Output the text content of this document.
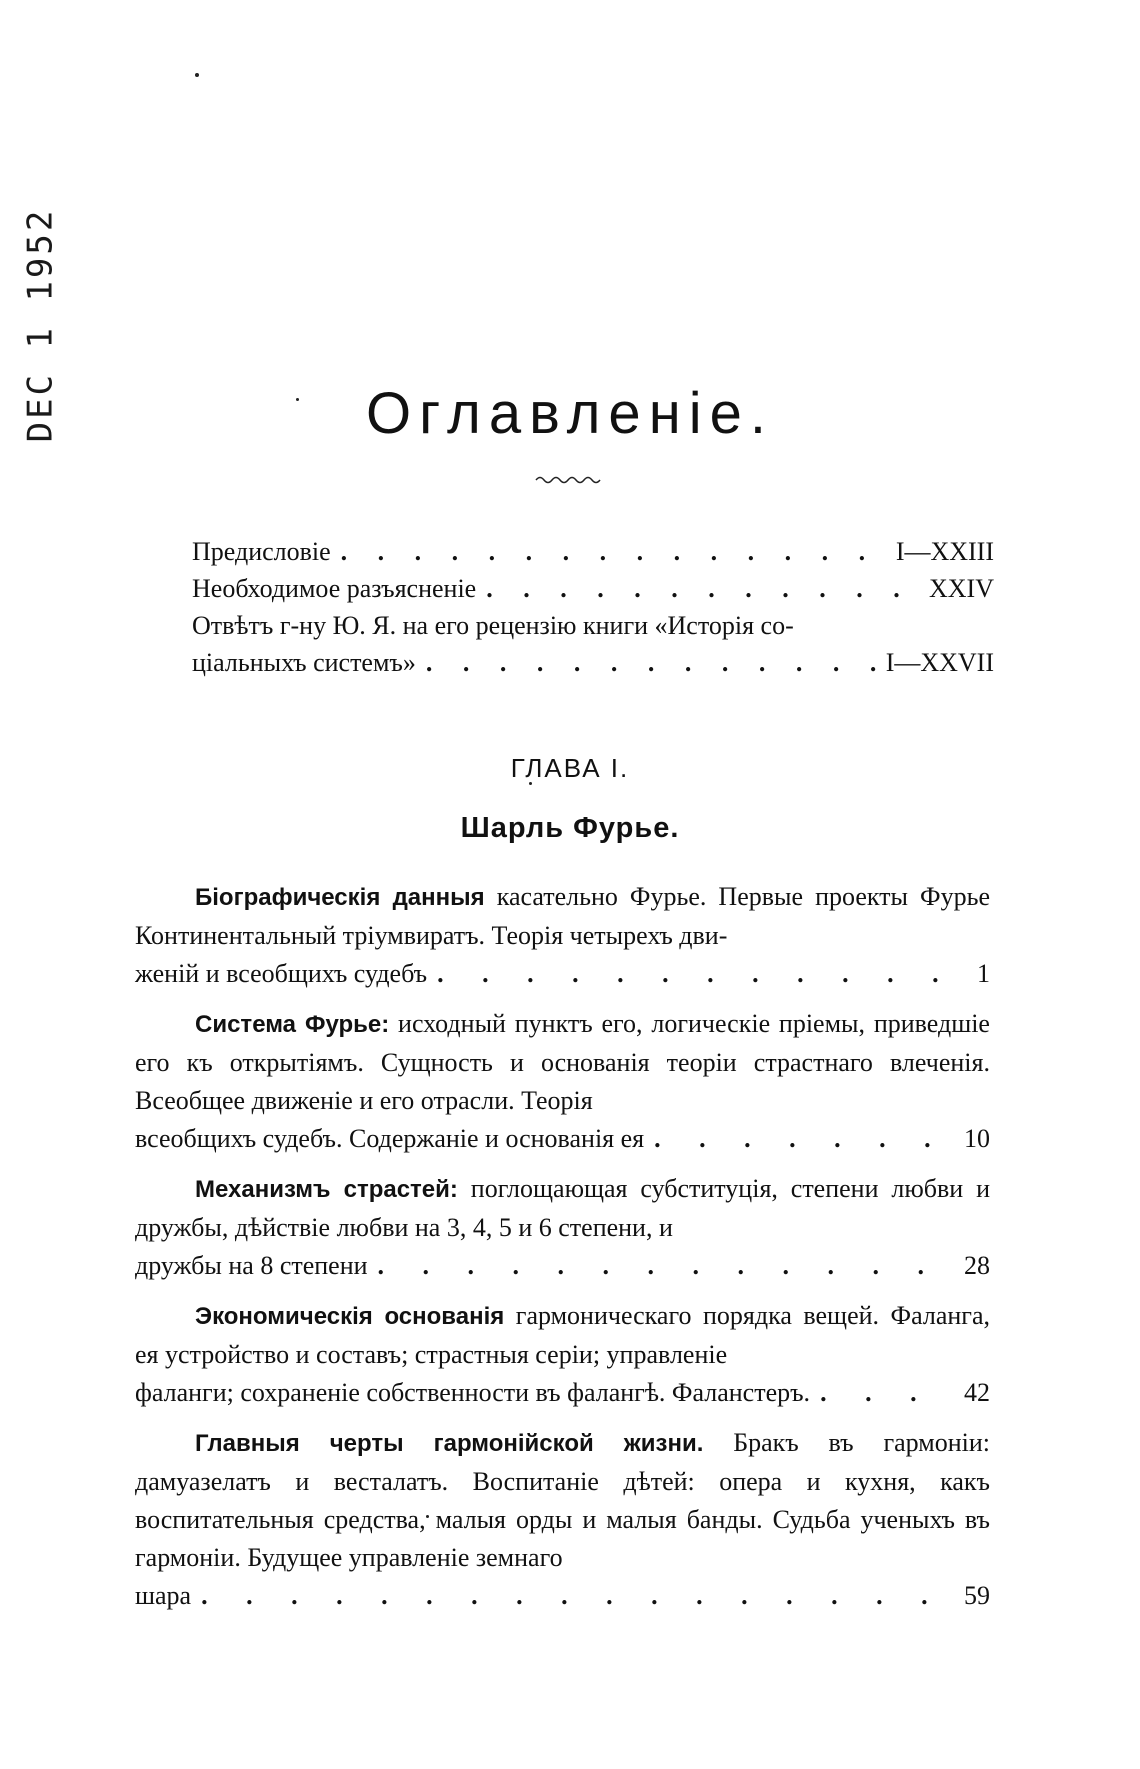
DEC 1 1952	Оглавленіе.
Предисловіе . . .	I—XXIII
Необходимое разъясненіе . . .	XXIV
Отвѣтъ г-ну Ю. Я. на его рецензію книги «Исторія со-
ціальныхъ системъ» . . .	I—XXVII
ГЛАВА I.
Шарль Фурье.

Біографическія данныя касательно Фурье. Первые проекты Фурье Континентальный тріумвиратъ. Теорія четырехъ дви-

женій и всеобщихъ судебъ . . .	1

Система Фурье: исходный пунктъ его, логическіе пріемы, приведшіе его къ открытіямъ. Сущность и основанія теоріи страстнаго влеченія. Всеобщее движеніе и его отрасли. Теорія

всеобщихъ судебъ. Содержаніе и основанія ея . . .	10

Механизмъ страстей: поглощающая субституція, степени любви и дружбы, дѣйствіе любви на 3, 4, 5 и 6 степени, и

дружбы на 8 степени . . .	28

Экономическія основанія гармоническаго порядка вещей. Фаланга, ея устройство и составъ; страстныя серіи; управленіе

фаланги; сохраненіе собственности въ фалангѣ. Фаланстеръ. . . .	42

Главныя черты гармонійской жизни. Бракъ въ гармоніи: дамуазелатъ и весталатъ. Воспитаніе дѣтей: опера и кухня, какъ воспитательныя средства, малыя орды и малыя банды. Судьба ученыхъ въ гармоніи. Будущее управленіе земнаго

шара . . .	59
